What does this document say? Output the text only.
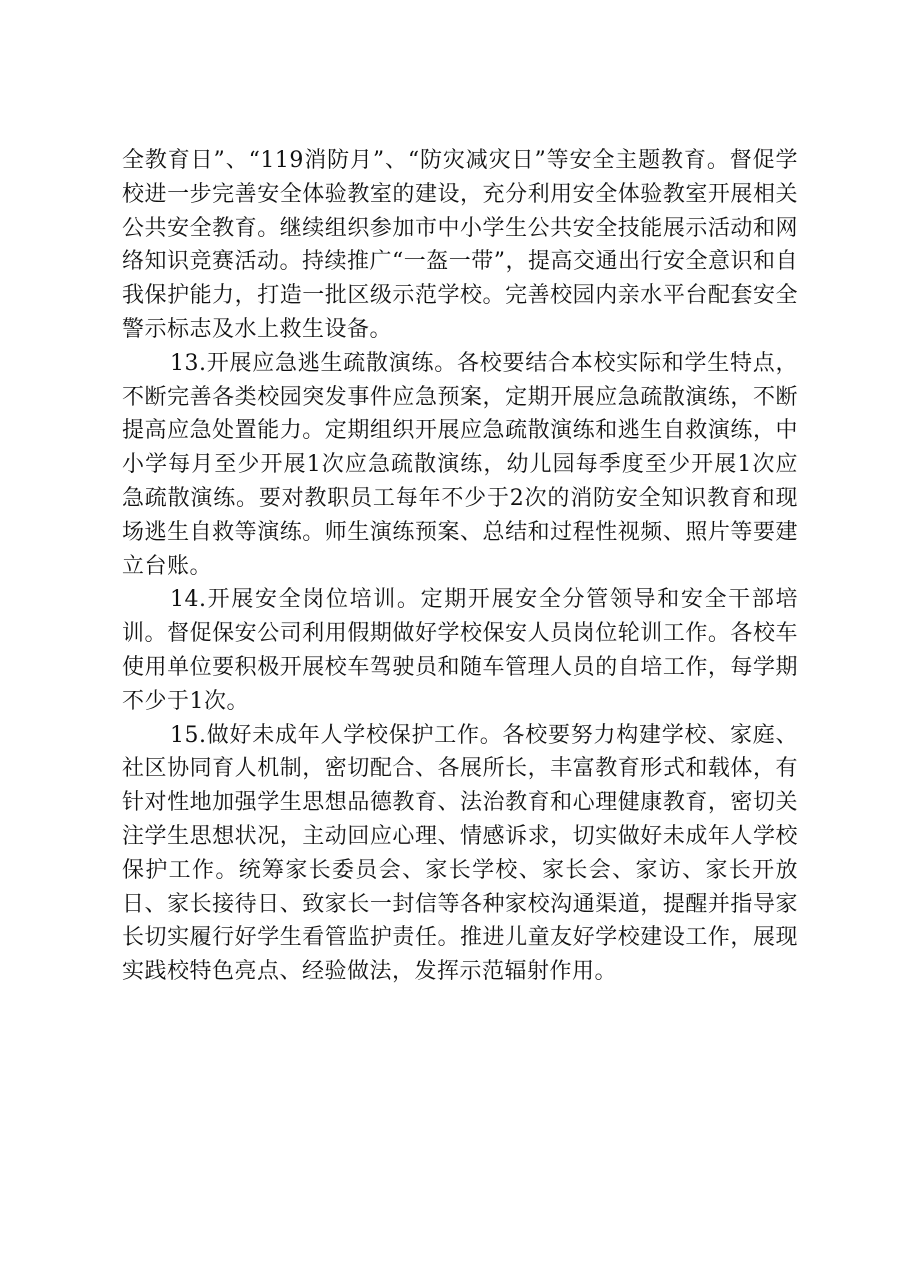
全教育日”、“119消防月”、“防灾减灾日”等安全主题教育。督促学校进一步完善安全体验教室的建设，充分利用安全体验教室开展相关公共安全教育。继续组织参加市中小学生公共安全技能展示活动和网络知识竞赛活动。持续推广“一盔一带”，提高交通出行安全意识和自我保护能力，打造一批区级示范学校。完善校园内亲水平台配套安全警示标志及水上救生设备。

13.开展应急逃生疏散演练。各校要结合本校实际和学生特点，不断完善各类校园突发事件应急预案，定期开展应急疏散演练，不断提高应急处置能力。定期组织开展应急疏散演练和逃生自救演练，中小学每月至少开展1次应急疏散演练，幼儿园每季度至少开展1次应急疏散演练。要对教职员工每年不少于2次的消防安全知识教育和现场逃生自救等演练。师生演练预案、总结和过程性视频、照片等要建立台账。

14.开展安全岗位培训。定期开展安全分管领导和安全干部培训。督促保安公司利用假期做好学校保安人员岗位轮训工作。各校车使用单位要积极开展校车驾驶员和随车管理人员的自培工作，每学期不少于1次。

15.做好未成年人学校保护工作。各校要努力构建学校、家庭、社区协同育人机制，密切配合、各展所长，丰富教育形式和载体，有针对性地加强学生思想品德教育、法治教育和心理健康教育，密切关注学生思想状况，主动回应心理、情感诉求，切实做好未成年人学校保护工作。统筹家长委员会、家长学校、家长会、家访、家长开放日、家长接待日、致家长一封信等各种家校沟通渠道，提醒并指导家长切实履行好学生看管监护责任。推进儿童友好学校建设工作，展现实践校特色亮点、经验做法，发挥示范辐射作用。
